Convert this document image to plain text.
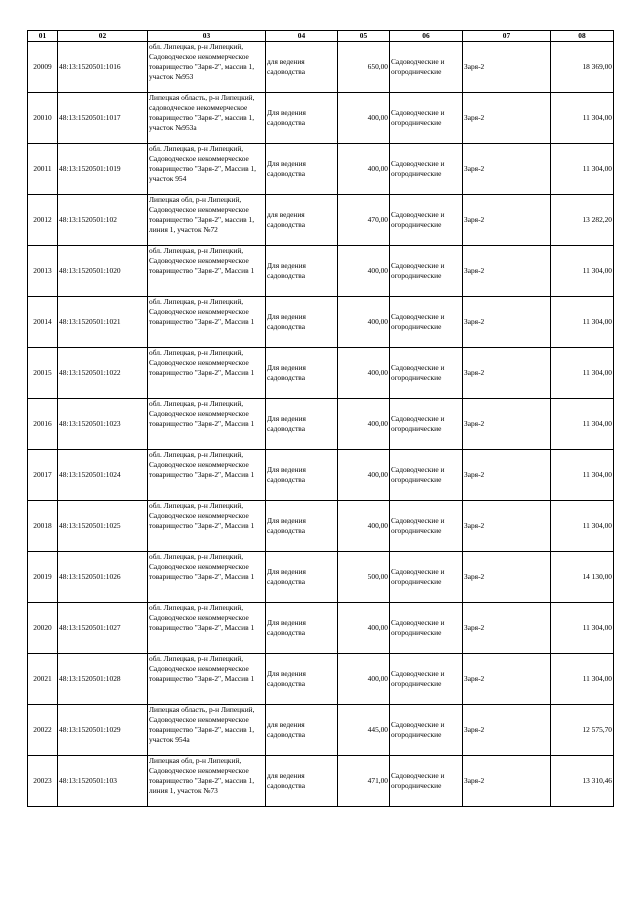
01	02	03	04	05	06	07	08

20009	48:13:1520501:1016	обл. Липецкая, р-н Липецкий, Садоводческое некоммерческое товарищество "Заря-2", массив 1, участок №953	для ведения садоводства	650,00	Садоводческие и огороднические	Заря-2	18 369,00

20010	48:13:1520501:1017	Липецкая область, р-н Липецкий, садоводческое некоммерческое товарищество "Заря-2", массив 1, участок №953а	Для ведения садоводства	400,00	Садоводческие и огороднические	Заря-2	11 304,00

20011	48:13:1520501:1019	обл. Липецкая, р-н Липецкий, Садоводческое некоммерческое товарищество "Заря-2", Массив 1, участок 954	Для ведения садоводства	400,00	Садоводческие и огороднические	Заря-2	11 304,00

20012	48:13:1520501:102	Липецкая обл, р-н Липецкий, Садоводческое некоммерческое товарищество "Заря-2", массив 1, линия 1, участок №72	для ведения садоводства	470,00	Садоводческие и огороднические	Заря-2	13 282,20

20013	48:13:1520501:1020	обл. Липецкая, р-н Липецкий, Садоводческое некоммерческое товарищество "Заря-2", Массив 1	Для ведения садоводства	400,00	Садоводческие и огороднические	Заря-2	11 304,00

20014	48:13:1520501:1021	обл. Липецкая, р-н Липецкий, Садоводческое некоммерческое товарищество "Заря-2", Массив 1	Для ведения садоводства	400,00	Садоводческие и огороднические	Заря-2	11 304,00

20015	48:13:1520501:1022	обл. Липецкая, р-н Липецкий, Садоводческое некоммерческое товарищество "Заря-2", Массив 1	Для ведения садоводства	400,00	Садоводческие и огороднические	Заря-2	11 304,00

20016	48:13:1520501:1023	обл. Липецкая, р-н Липецкий, Садоводческое некоммерческое товарищество "Заря-2", Массив 1	Для ведения садоводства	400,00	Садоводческие и огороднические	Заря-2	11 304,00

20017	48:13:1520501:1024	обл. Липецкая, р-н Липецкий, Садоводческое некоммерческое товарищество "Заря-2", Массив 1	Для ведения садоводства	400,00	Садоводческие и огороднические	Заря-2	11 304,00

20018	48:13:1520501:1025	обл. Липецкая, р-н Липецкий, Садоводческое некоммерческое товарищество "Заря-2", Массив 1	Для ведения садоводства	400,00	Садоводческие и огороднические	Заря-2	11 304,00

20019	48:13:1520501:1026	обл. Липецкая, р-н Липецкий, Садоводческое некоммерческое товарищество "Заря-2", Массив 1	Для ведения садоводства	500,00	Садоводческие и огороднические	Заря-2	14 130,00

20020	48:13:1520501:1027	обл. Липецкая, р-н Липецкий, Садоводческое некоммерческое товарищество "Заря-2", Массив 1	Для ведения садоводства	400,00	Садоводческие и огороднические	Заря-2	11 304,00

20021	48:13:1520501:1028	обл. Липецкая, р-н Липецкий, Садоводческое некоммерческое товарищество "Заря-2", Массив 1	Для ведения садоводства	400,00	Садоводческие и огороднические	Заря-2	11 304,00

20022	48:13:1520501:1029	Липецкая область, р-н Липецкий, Садоводческое некоммерческое товарищество "Заря-2", массив 1, участок 954а	для ведения садоводства	445,00	Садоводческие и огороднические	Заря-2	12 575,70

20023	48:13:1520501:103	Липецкая обл, р-н Липецкий, Садоводческое некоммерческое товарищество "Заря-2", массив 1, линия 1, участок №73	для ведения садоводства	471,00	Садоводческие и огороднические	Заря-2	13 310,46
